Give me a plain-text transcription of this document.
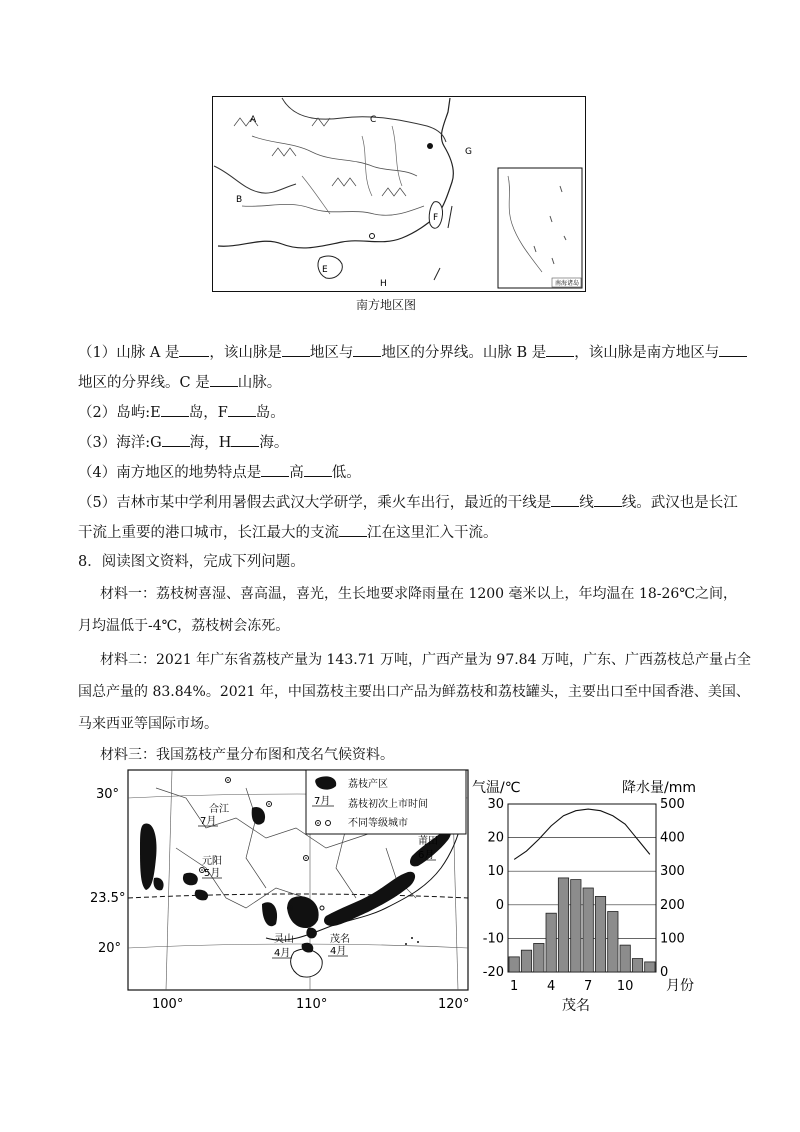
A
B
C
E
F
G
H	南海诸岛
南方地区图
（1）山脉 A 是 ，该山脉是 地区与 地区的分界线。山脉 B 是 ，该山脉是南方地区与
地区的分界线。C 是 山脉。
（2）岛屿:E 岛，F 岛。
（3）海洋:G 海，H 海。
（4）南方地区的地势特点是 高 低。
（5）吉林市某中学利用暑假去武汉大学研学，乘火车出行，最近的干线是 线 线。武汉也是长江
干流上重要的港口城市，长江最大的支流 江在这里汇入干流。
8．阅读图文资料，完成下列问题。
材料一：荔枝树喜湿、喜高温，喜光，生长地要求降雨量在 1200 毫米以上，年均温在 18-26℃之间，
月均温低于-4℃，荔枝树会冻死。
材料二：2021 年广东省荔枝产量为 143.71 万吨，广西产量为 97.84 万吨，广东、广西荔枝总产量占全
国总产量的 83.84%。2021 年，中国荔枝主要出口产品为鲜荔枝和荔枝罐头，主要出口至中国香港、美国、
马来西亚等国际市场。
材料三：我国荔枝产量分布图和茂名气候资料。
合江
7月
元阳
5月
莆田
6月
灵山
4月
茂名
4月
荔枝产区
7月 荔枝初次上市时间
不同等级城市
30°
23.5°
20°
100°	110°	120°
气温/℃	降水量/mm
月份
茂名
30
20
10
0
-10
-20
500
400
300
200
100
0
1 4 7 10
